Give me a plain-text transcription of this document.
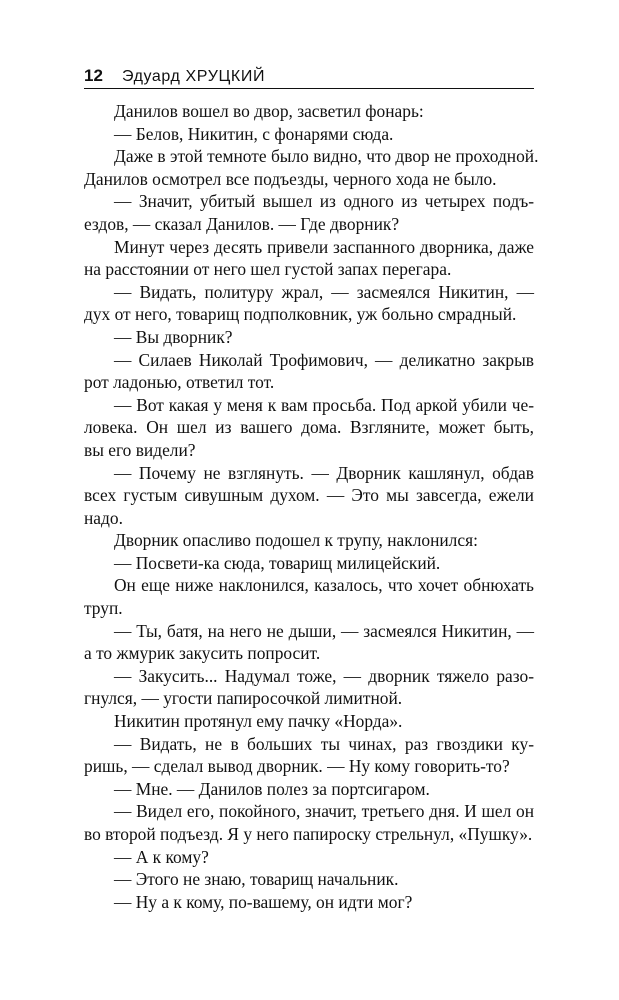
12 Эдуард ХРУЦКИЙ
Данилов вошел во двор, засветил фонарь:
— Белов, Никитин, с фонарями сюда.
Даже в этой темноте было видно, что двор не проходной.
Данилов осмотрел все подъезды, черного хода не было.
— Значит, убитый вышел из одного из четырех подъ-
ездов, — сказал Данилов. — Где дворник?
Минут через десять привели заспанного дворника, даже
на расстоянии от него шел густой запах перегара.
— Видать, политуру жрал, — засмеялся Никитин, —
дух от него, товарищ подполковник, уж больно смрадный.
— Вы дворник?
— Силаев Николай Трофимович, — деликатно закрыв
рот ладонью, ответил тот.
— Вот какая у меня к вам просьба. Под аркой убили че-
ловека. Он шел из вашего дома. Взгляните, может быть,
вы его видели?
— Почему не взглянуть. — Дворник кашлянул, обдав
всех густым сивушным духом. — Это мы завсегда, ежели
надо.
Дворник опасливо подошел к трупу, наклонился:
— Посвети-ка сюда, товарищ милицейский.
Он еще ниже наклонился, казалось, что хочет обнюхать
труп.
— Ты, батя, на него не дыши, — засмеялся Никитин, —
а то жмурик закусить попросит.
— Закусить... Надумал тоже, — дворник тяжело разо-
гнулся, — угости папиросочкой лимитной.
Никитин протянул ему пачку «Норда».
— Видать, не в больших ты чинах, раз гвоздики ку-
ришь, — сделал вывод дворник. — Ну кому говорить-то?
— Мне. — Данилов полез за портсигаром.
— Видел его, покойного, значит, третьего дня. И шел он
во второй подъезд. Я у него папироску стрельнул, «Пушку».
— А к кому?
— Этого не знаю, товарищ начальник.
— Ну а к кому, по-вашему, он идти мог?
